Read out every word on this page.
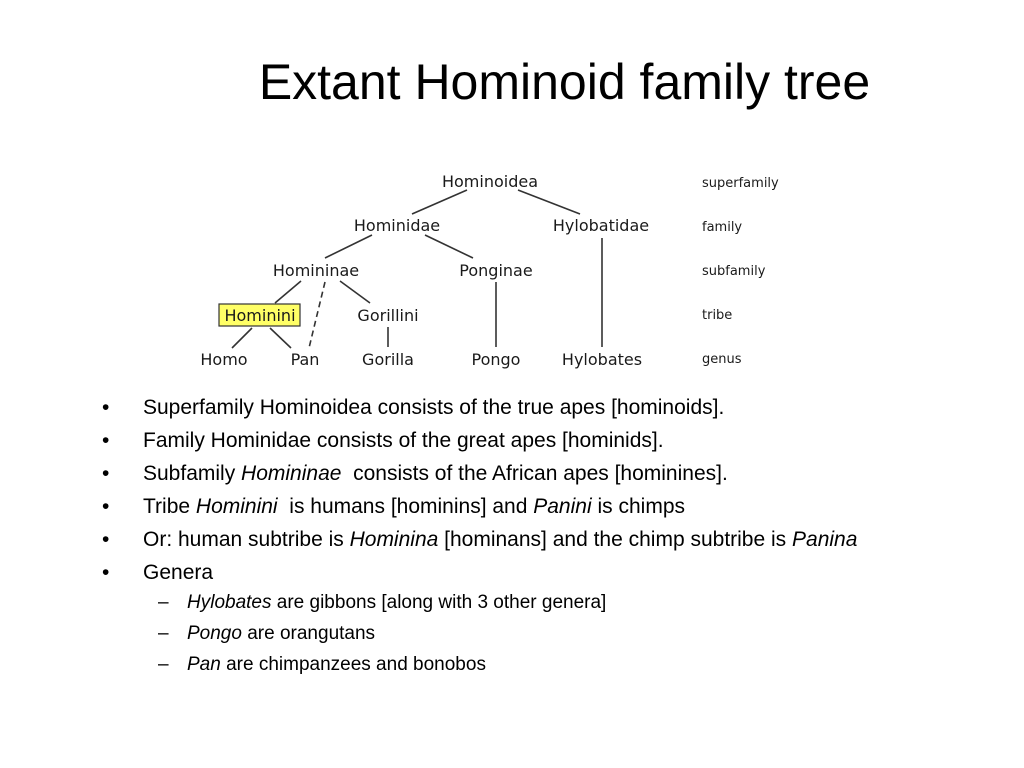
Extant Hominoid family tree
Hominoidea
Hominidae	Hylobatidae
Homininae	Ponginae
Hominini	Gorillini
Homo	Pan	Gorilla	Pongo	Hylobates
superfamily
family
subfamily
tribe
genus
• Superfamily Hominoidea consists of the true apes [hominoids].
• Family Hominidae consists of the great apes [hominids].
• Subfamily Homininae  consists of the African apes [hominines].
• Tribe Hominini  is humans [hominins] and Panini is chimps
• Or: human subtribe is Hominina [hominans] and the chimp subtribe is Panina
• Genera
– Hylobates are gibbons [along with 3 other genera]
– Pongo are orangutans
– Pan are chimpanzees and bonobos
